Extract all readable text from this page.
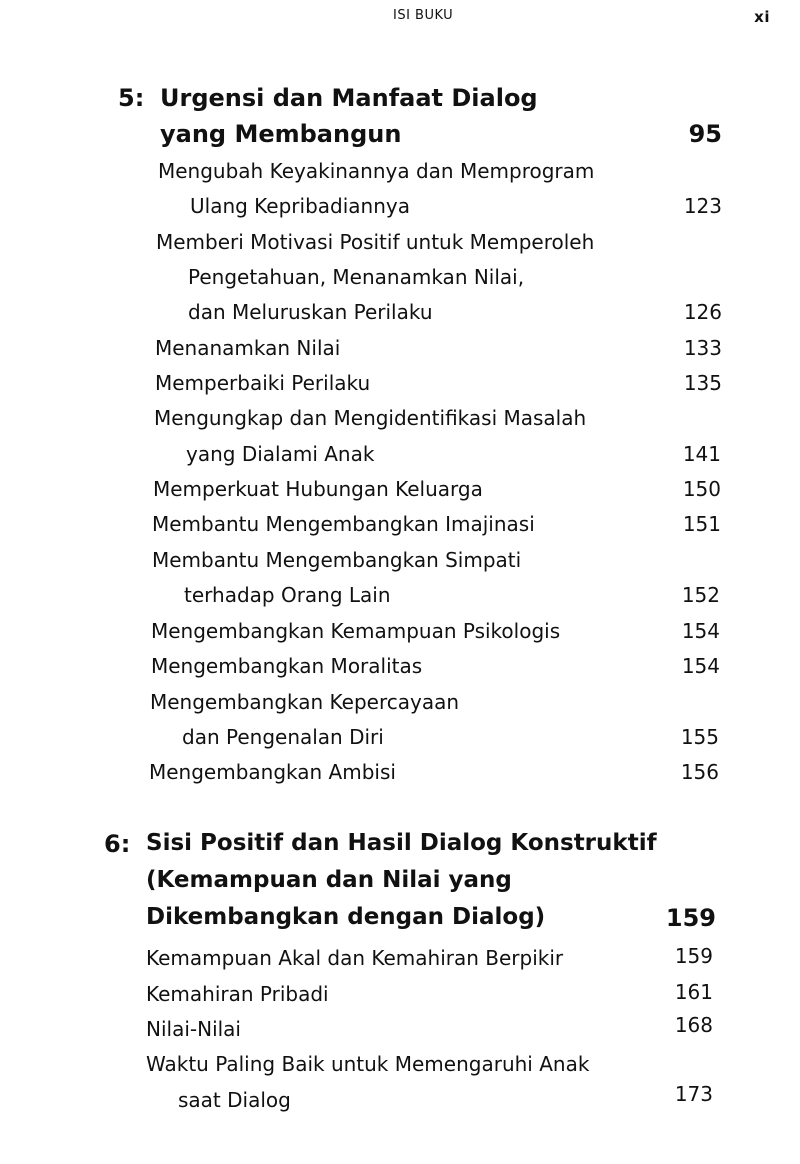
ISI BUKU	xi
5: Urgensi dan Manfaat Dialog
yang Membangun	95
Mengubah Keyakinannya dan Memprogram
Ulang Kepribadiannya	123
Memberi Motivasi Positif untuk Memperoleh
Pengetahuan, Menanamkan Nilai,
dan Meluruskan Perilaku	126
Menanamkan Nilai	133
Memperbaiki Perilaku	135
Mengungkap dan Mengidentifikasi Masalah
yang Dialami Anak	141
Memperkuat Hubungan Keluarga	150
Membantu Mengembangkan Imajinasi	151
Membantu Mengembangkan Simpati
terhadap Orang Lain	152
Mengembangkan Kemampuan Psikologis	154
Mengembangkan Moralitas	154
Mengembangkan Kepercayaan
dan Pengenalan Diri	155
Mengembangkan Ambisi	156
6: Sisi Positif dan Hasil Dialog Konstruktif
(Kemampuan dan Nilai yang
Dikembangkan dengan Dialog)	159
Kemampuan Akal dan Kemahiran Berpikir	159
Kemahiran Pribadi	161
Nilai-Nilai	168
Waktu Paling Baik untuk Memengaruhi Anak
saat Dialog	173
